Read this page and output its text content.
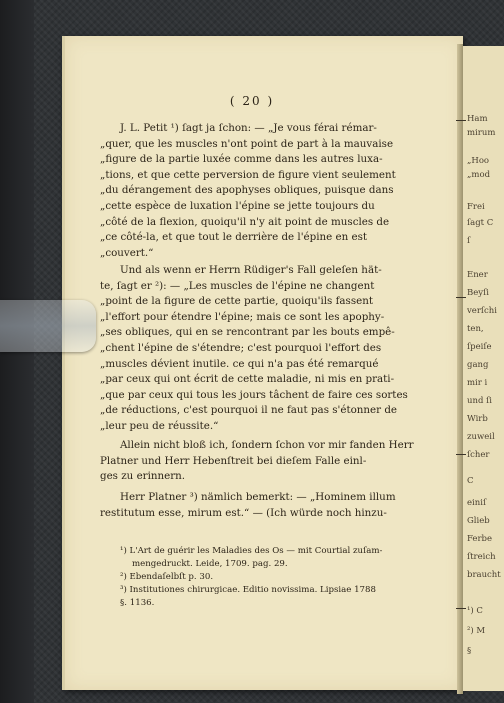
Ham
mirum
„Hoo
„mod
Frei
ſagt C
ſ
Ener
Beyſi
verſchi
ten,
ſpeiſe
gang
mir i
und ſi
Wirb
zuweil
ſcher
C
einiſ
Glieb
Ferbe
ſtreich
braucht
¹) C
²) M
§
( 20 )
J. L. Petit ¹) ſagt ja ſchon: — „Je vous férai rémar-
„quer, que les muscles n'ont point de part à la mauvaise
„figure de la partie luxée comme dans les autres luxa-
„tions, et que cette perversion de figure vient seulement
„du dérangement des apophyses obliques, puisque dans
„cette espèce de luxation l'épine se jette toujours du
„côté de la flexion, quoiqu'il n'y ait point de muscles de
„ce côté-la, et que tout le derrière de l'épine en est
„couvert.“
Und als wenn er Herrn Rüdiger's Fall geleſen hät-
te, ſagt er ²): — „Les muscles de l'épine ne changent
„point de la figure de cette partie, quoiqu'ils fassent
„l'effort pour étendre l'épine; mais ce sont les apophy-
„ses obliques, qui en se rencontrant par les bouts empê-
„chent l'épine de s'étendre; c'est pourquoi l'effort des
„muscles dévient inutile. ce qui n'a pas été remarqué
„par ceux qui ont écrit de cette maladie, ni mis en prati-
„que par ceux qui tous les jours tâchent de faire ces sortes
„de réductions, c'est pourquoi il ne faut pas s'étonner de
„leur peu de réussite.“
Allein nicht bloß ich, ſondern ſchon vor mir fanden Herr
Platner und Herr Hebenſtreit bei dieſem Falle einl-
ges zu erinnern.
Herr Platner ³) nämlich bemerkt: — „Hominem illum
restitutum esse, mirum est.“ — (Ich würde noch hinzu-
¹) L'Art de guérir les Maladies des Os — mit Courtial zuſam-
mengedruckt. Leide, 1709. pag. 29.
²) Ebendaſelbſt p. 30.
³) Institutiones chirurgicae. Editio novissima. Lipsiae 1788
§. 1136.
